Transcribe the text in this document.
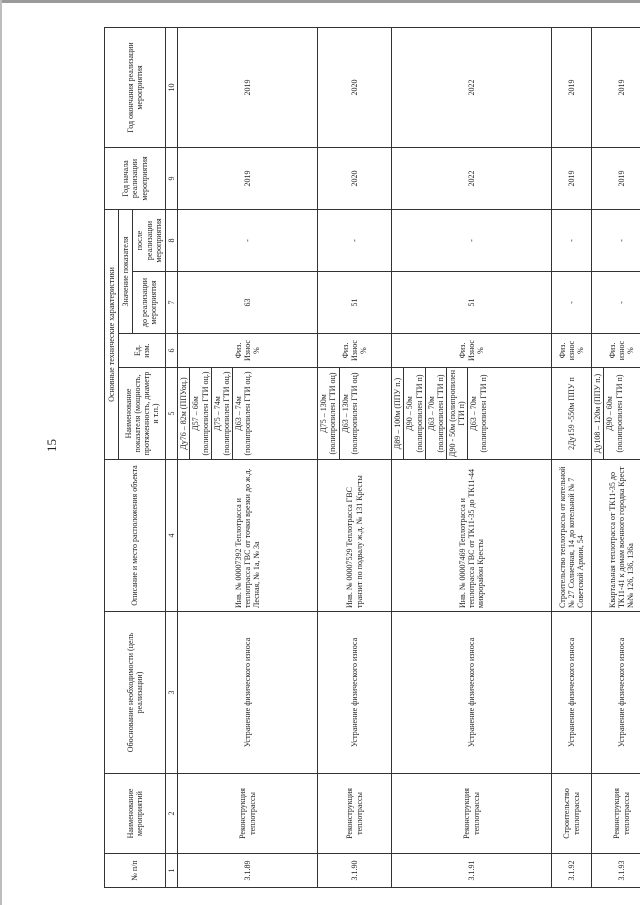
15
№ п/п	Наименование мероприятий	Обоснование необходимости (цель реализации)	Описание и место расположения объекта	Основные технические характеристики				Год начала реализации мероприятия	Год окончания реализации мероприятия
				Наименование показателя (мощность, протяженность, диаметр и т.п.)	Ед. изм.	Значение показателя			
						до реализации мероприятия	после реализации мероприятия		
1	2	3	4	5	6	7	8	9	10
3.1.89	Реконструкция теплотрассы	Устранение физического износа	Инв. № 00007392 Теплотрасса и теплотрасса ГВС от точки врезки до ж.д. Лесная, № 1а, № 3а	Ду76 – 82м (ППУоц.) Д57 – 66м (полипропилен ГТИ оц.) Д75 – 74м (полипропилен ГТИ оц.) Д63 – 74м (полипропилен ГТИ оц.)	Физ. Износ %	63	-	2019	2019
3.1.90	Реконструкция теплотрассы	Устранение физического износа	Инв. № 00007529 Теплотрасса ГВС транзит по подвалу ж.д. № 131 Кресты	Д75 – 130м (полипропилен ГТИ оц) Д63 – 130м (полипропилен ГТИ оц)	Физ. Износ %	51	-	2020	2020
3.1.91	Реконструкция теплотрассы	Устранение физического износа	Инв. № 00007469 Теплотрасса и теплотрасса ГВС от ТК11-35 до ТК11-44 микрорайон Кресты	Д89 – 100м (ППУ п.) Д90 – 50м (полипропилен ГТИ п) Д63 – 70м (полипропилен ГТИ п) Д90 - 50м (полипропилен ГТИ п) Д63 – 70м (полипропилен ГТИ п)	Физ. Износ %	51	-	2022	2022
3.1.92	Строительство теплотрассы	Устранение физического износа	Строительство теплотрассы от котельной № 27 Солнечная, 14 до котельной № 7 Советской Армии, 54	2Ду159 -550м ППУ п	Физ. износ %	-	-	2019	2019
3.1.93	Реконструкция теплотрассы	Устранение физического износа	Квартальная теплотрасса от ТК11-35 до ТК11-41 к домам военного городка Крест №№ 126, 136, 136а	Ду108 – 120м (ППУ п.) Д90 – 60м (полипропилен ГТИ п)	Физ. износ %	-	-	2019	2019
